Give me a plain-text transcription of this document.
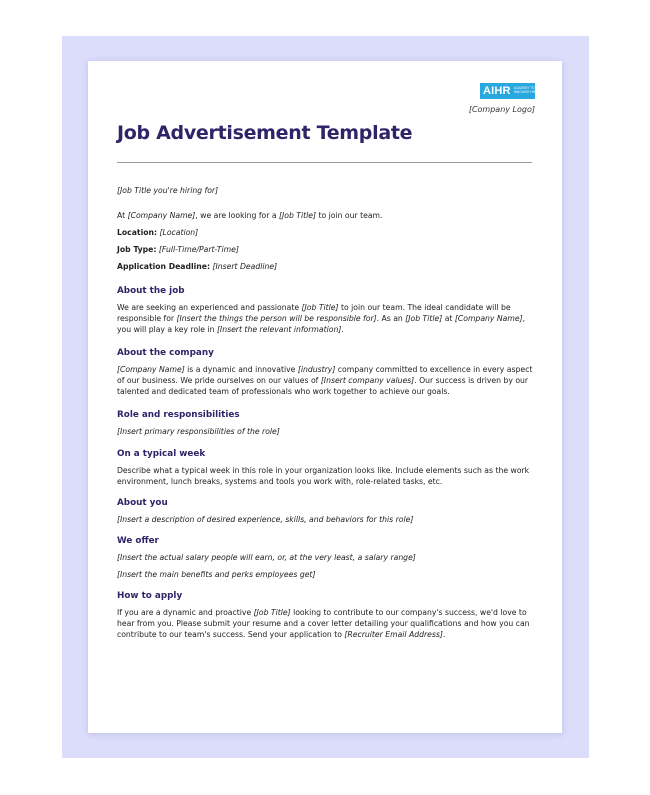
AIHR ACADEMY TO
INNOVATE HR
[Company Logo]
Job Advertisement Template

[Job Title you're hiring for]

At [Company Name], we are looking for a [Job Title] to join our team.

Location: [Location]

Job Type: [Full-Time/Part-Time]

Application Deadline: [Insert Deadline]

About the job

We are seeking an experienced and passionate [Job Title] to join our team. The ideal candidate will be responsible for [Insert the things the person will be responsible for]. As an [Job Title] at [Company Name], you will play a key role in [Insert the relevant information].

About the company

[Company Name] is a dynamic and innovative [industry] company committed to excellence in every aspect of our business. We pride ourselves on our values of [Insert company values]. Our success is driven by our talented and dedicated team of professionals who work together to achieve our goals.

Role and responsibilities

[Insert primary responsibilities of the role]

On a typical week

Describe what a typical week in this role in your organization looks like. Include elements such as the work environment, lunch breaks, systems and tools you work with, role-related tasks, etc.

About you

[Insert a description of desired experience, skills, and behaviors for this role]

We offer

[Insert the actual salary people will earn, or, at the very least, a salary range]

[Insert the main benefits and perks employees get]

How to apply

If you are a dynamic and proactive [Job Title] looking to contribute to our company's success, we'd love to hear from you. Please submit your resume and a cover letter detailing your qualifications and how you can contribute to our team's success. Send your application to [Recruiter Email Address].
